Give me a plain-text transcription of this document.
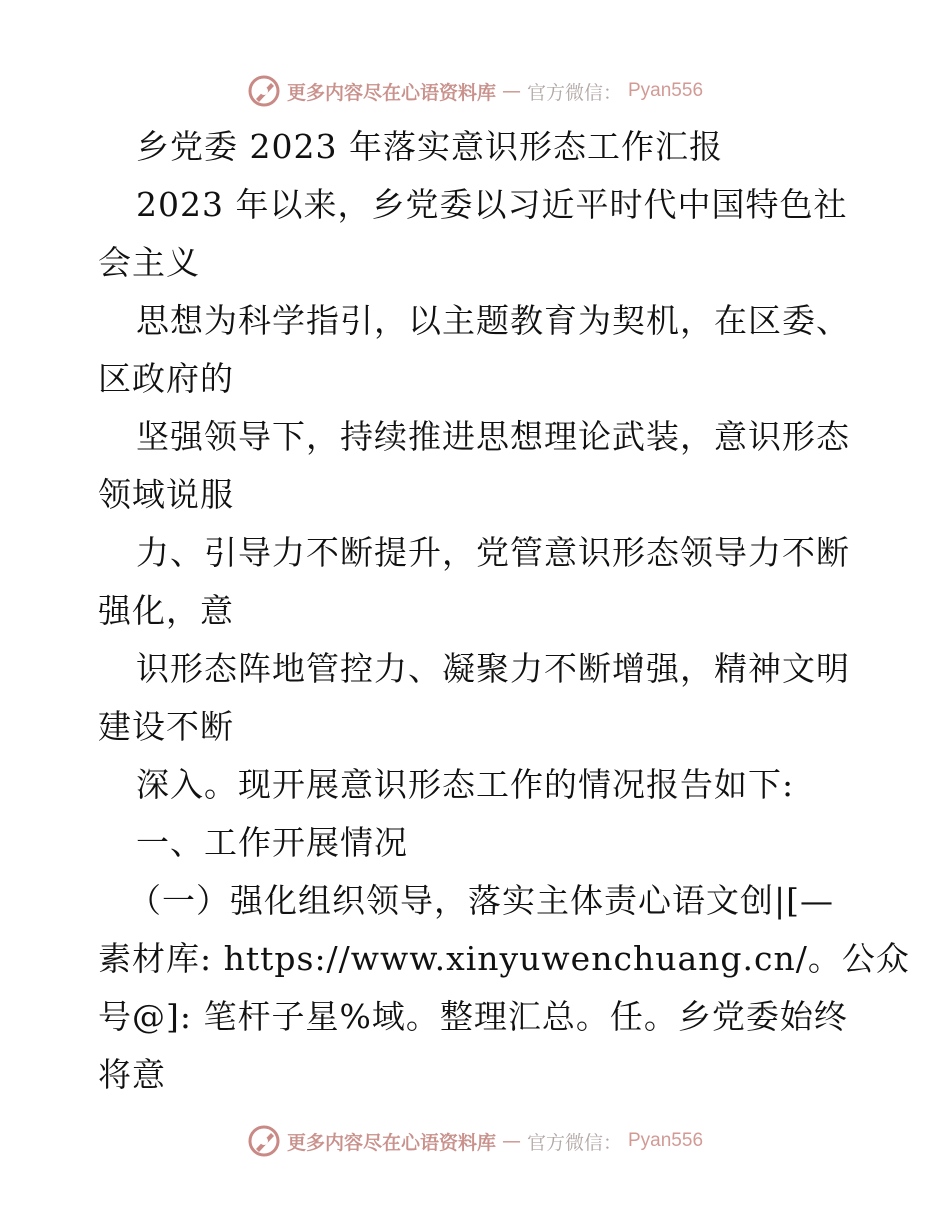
更多内容尽在心语资料库 — 官方微信： Pyan556
乡党委 2023 年落实意识形态工作汇报
2023 年以来，乡党委以习近平时代中国特色社
会主义
思想为科学指引，以主题教育为契机，在区委、
区政府的
坚强领导下，持续推进思想理论武装，意识形态
领域说服
力、引导力不断提升，党管意识形态领导力不断
强化，意
识形态阵地管控力、凝聚力不断增强，精神文明
建设不断
深入。现开展意识形态工作的情况报告如下:
一、工作开展情况
（一）强化组织领导，落实主体责心语文创|[—
素材库: https://www.xinyuwenchuang.cn/。公众
号@]: 笔杆子星%域。整理汇总。任。乡党委始终
将意
更多内容尽在心语资料库 — 官方微信： Pyan556
